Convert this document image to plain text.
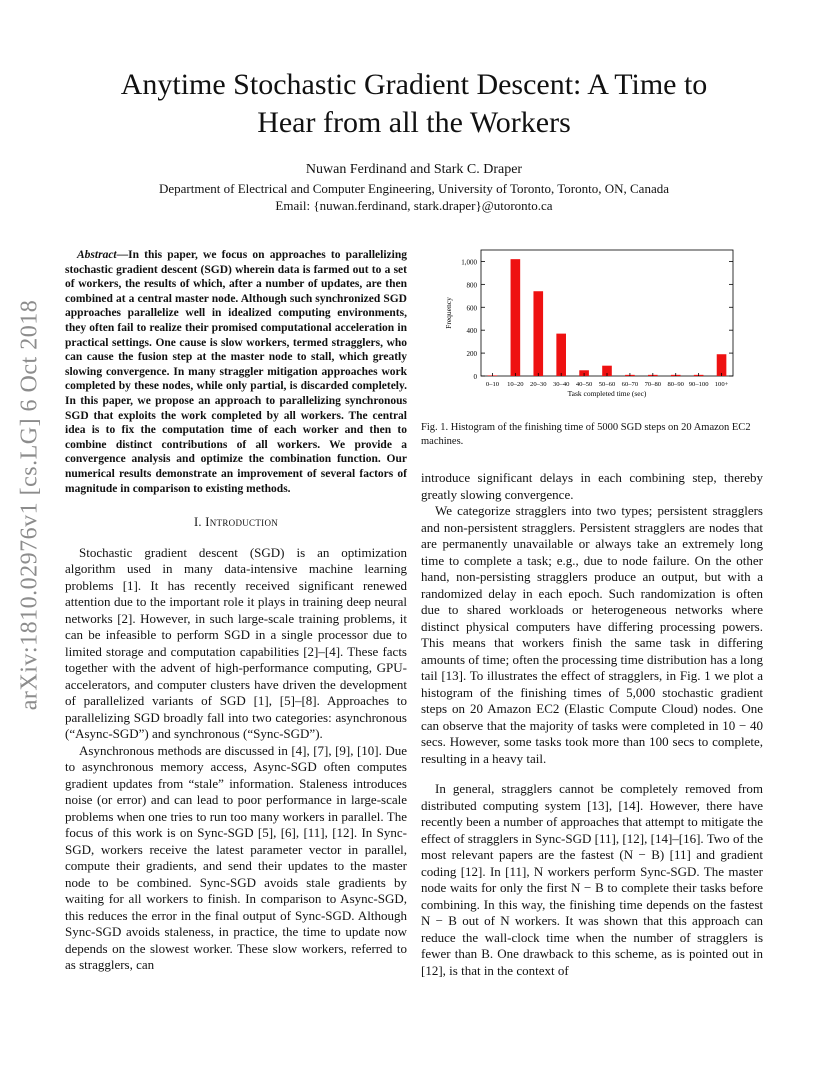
Anytime Stochastic Gradient Descent: A Time to
Hear from all the Workers
Nuwan Ferdinand and Stark C. Draper
Department of Electrical and Computer Engineering, University of Toronto, Toronto, ON, Canada
Email: {nuwan.ferdinand, stark.draper}@utoronto.ca
arXiv:1810.02976v1 [cs.LG] 6 Oct 2018

Abstract—In this paper, we focus on approaches to parallelizing stochastic gradient descent (SGD) wherein data is farmed out to a set of workers, the results of which, after a number of updates, are then combined at a central master node. Although such synchronized SGD approaches parallelize well in idealized computing environments, they often fail to realize their promised computational acceleration in practical settings. One cause is slow workers, termed stragglers, who can cause the fusion step at the master node to stall, which greatly slowing convergence. In many straggler mitigation approaches work completed by these nodes, while only partial, is discarded completely. In this paper, we propose an approach to parallelizing synchronous SGD that exploits the work completed by all workers. The central idea is to fix the computation time of each worker and then to combine distinct contributions of all workers. We provide a convergence analysis and optimize the combination function. Our numerical results demonstrate an improvement of several factors of magnitude in comparison to existing methods.

I. Introduction

Stochastic gradient descent (SGD) is an optimization algorithm used in many data-intensive machine learning problems [1]. It has recently received significant renewed attention due to the important role it plays in training deep neural networks [2]. However, in such large-scale training problems, it can be infeasible to perform SGD in a single processor due to limited storage and computation capabilities [2]–[4]. These facts together with the advent of high-performance computing, GPU-accelerators, and computer clusters have driven the development of parallelized variants of SGD [1], [5]–[8]. Approaches to parallelizing SGD broadly fall into two categories: asynchronous (“Async-SGD”) and synchronous (“Sync-SGD”).

Asynchronous methods are discussed in [4], [7], [9], [10]. Due to asynchronous memory access, Async-SGD often computes gradient updates from “stale” information. Staleness introduces noise (or error) and can lead to poor performance in large-scale problems when one tries to run too many workers in parallel. The focus of this work is on Sync-SGD [5], [6], [11], [12]. In Sync-SGD, workers receive the latest parameter vector in parallel, compute their gradients, and send their updates to the master node to be combined. Sync-SGD avoids stale gradients by waiting for all workers to finish. In comparison to Async-SGD, this reduces the error in the final output of Sync-SGD. Although Sync-SGD avoids staleness, in practice, the time to update now depends on the slowest worker. These slow workers, referred to as stragglers, can

0
200
400
600
800
1,000
Frequency
0–10 10–20 20–30 30–40 40–50 50–60 60–70 70–80 80–90 90–100 100+
Task completed time (sec)
Fig. 1. Histogram of the finishing time of 5000 SGD steps on 20 Amazon EC2 machines.

introduce significant delays in each combining step, thereby greatly slowing convergence.

We categorize stragglers into two types; persistent stragglers and non-persistent stragglers. Persistent stragglers are nodes that are permanently unavailable or always take an extremely long time to complete a task; e.g., due to node failure. On the other hand, non-persisting stragglers produce an output, but with a randomized delay in each epoch. Such randomization is often due to shared workloads or heterogeneous networks where distinct physical computers have differing processing powers. This means that workers finish the same task in differing amounts of time; often the processing time distribution has a long tail [13]. To illustrates the effect of stragglers, in Fig. 1 we plot a histogram of the finishing times of 5,000 stochastic gradient steps on 20 Amazon EC2 (Elastic Compute Cloud) nodes. One can observe that the majority of tasks were completed in 10 − 40 secs. However, some tasks took more than 100 secs to complete, resulting in a heavy tail.

In general, stragglers cannot be completely removed from distributed computing system [13], [14]. However, there have recently been a number of approaches that attempt to mitigate the effect of stragglers in Sync-SGD [11], [12], [14]–[16]. Two of the most relevant papers are the fastest (N − B) [11] and gradient coding [12]. In [11], N workers perform Sync-SGD. The master node waits for only the first N − B to complete their tasks before combining. In this way, the finishing time depends on the fastest N − B out of N workers. It was shown that this approach can reduce the wall-clock time when the number of stragglers is fewer than B. One drawback to this scheme, as is pointed out in [12], is that in the context of
